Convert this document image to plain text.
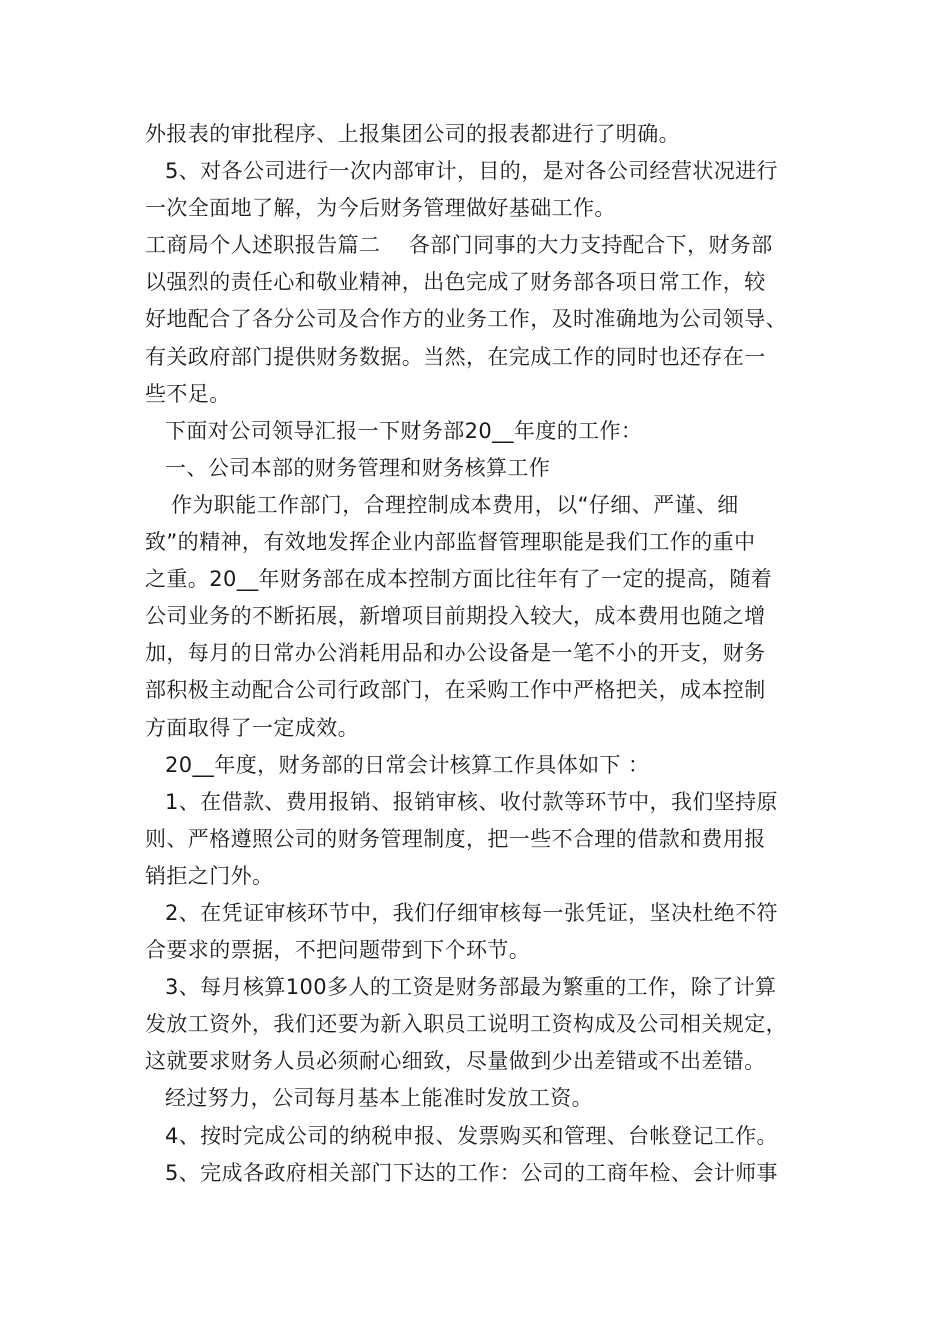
外报表的审批程序、上报集团公司的报表都进行了明确。
5、对各公司进行一次内部审计，目的，是对各公司经营状况进行
一次全面地了解，为今后财务管理做好基础工作。
工商局个人述职报告篇二　 各部门同事的大力支持配合下，财务部
以强烈的责任心和敬业精神，出色完成了财务部各项日常工作，较
好地配合了各分公司及合作方的业务工作，及时准确地为公司领导、
有关政府部门提供财务数据。当然，在完成工作的同时也还存在一
些不足。
下面对公司领导汇报一下财务部20__年度的工作：
一、公司本部的财务管理和财务核算工作
作为职能工作部门，合理控制成本费用，以“仔细、严谨、细
致”的精神，有效地发挥企业内部监督管理职能是我们工作的重中
之重。20__年财务部在成本控制方面比往年有了一定的提高，随着
公司业务的不断拓展，新增项目前期投入较大，成本费用也随之增
加，每月的日常办公消耗用品和办公设备是一笔不小的开支，财务
部积极主动配合公司行政部门，在采购工作中严格把关，成本控制
方面取得了一定成效。
20__年度，财务部的日常会计核算工作具体如下 ：
1、在借款、费用报销、报销审核、收付款等环节中，我们坚持原
则、严格遵照公司的财务管理制度，把一些不合理的借款和费用报
销拒之门外。
2、在凭证审核环节中，我们仔细审核每一张凭证，坚决杜绝不符
合要求的票据，不把问题带到下个环节。
3、每月核算100多人的工资是财务部最为繁重的工作，除了计算
发放工资外，我们还要为新入职员工说明工资构成及公司相关规定，
这就要求财务人员必须耐心细致，尽量做到少出差错或不出差错。
经过努力，公司每月基本上能准时发放工资。
4、按时完成公司的纳税申报、发票购买和管理、台帐登记工作。
5、完成各政府相关部门下达的工作：公司的工商年检、会计师事
